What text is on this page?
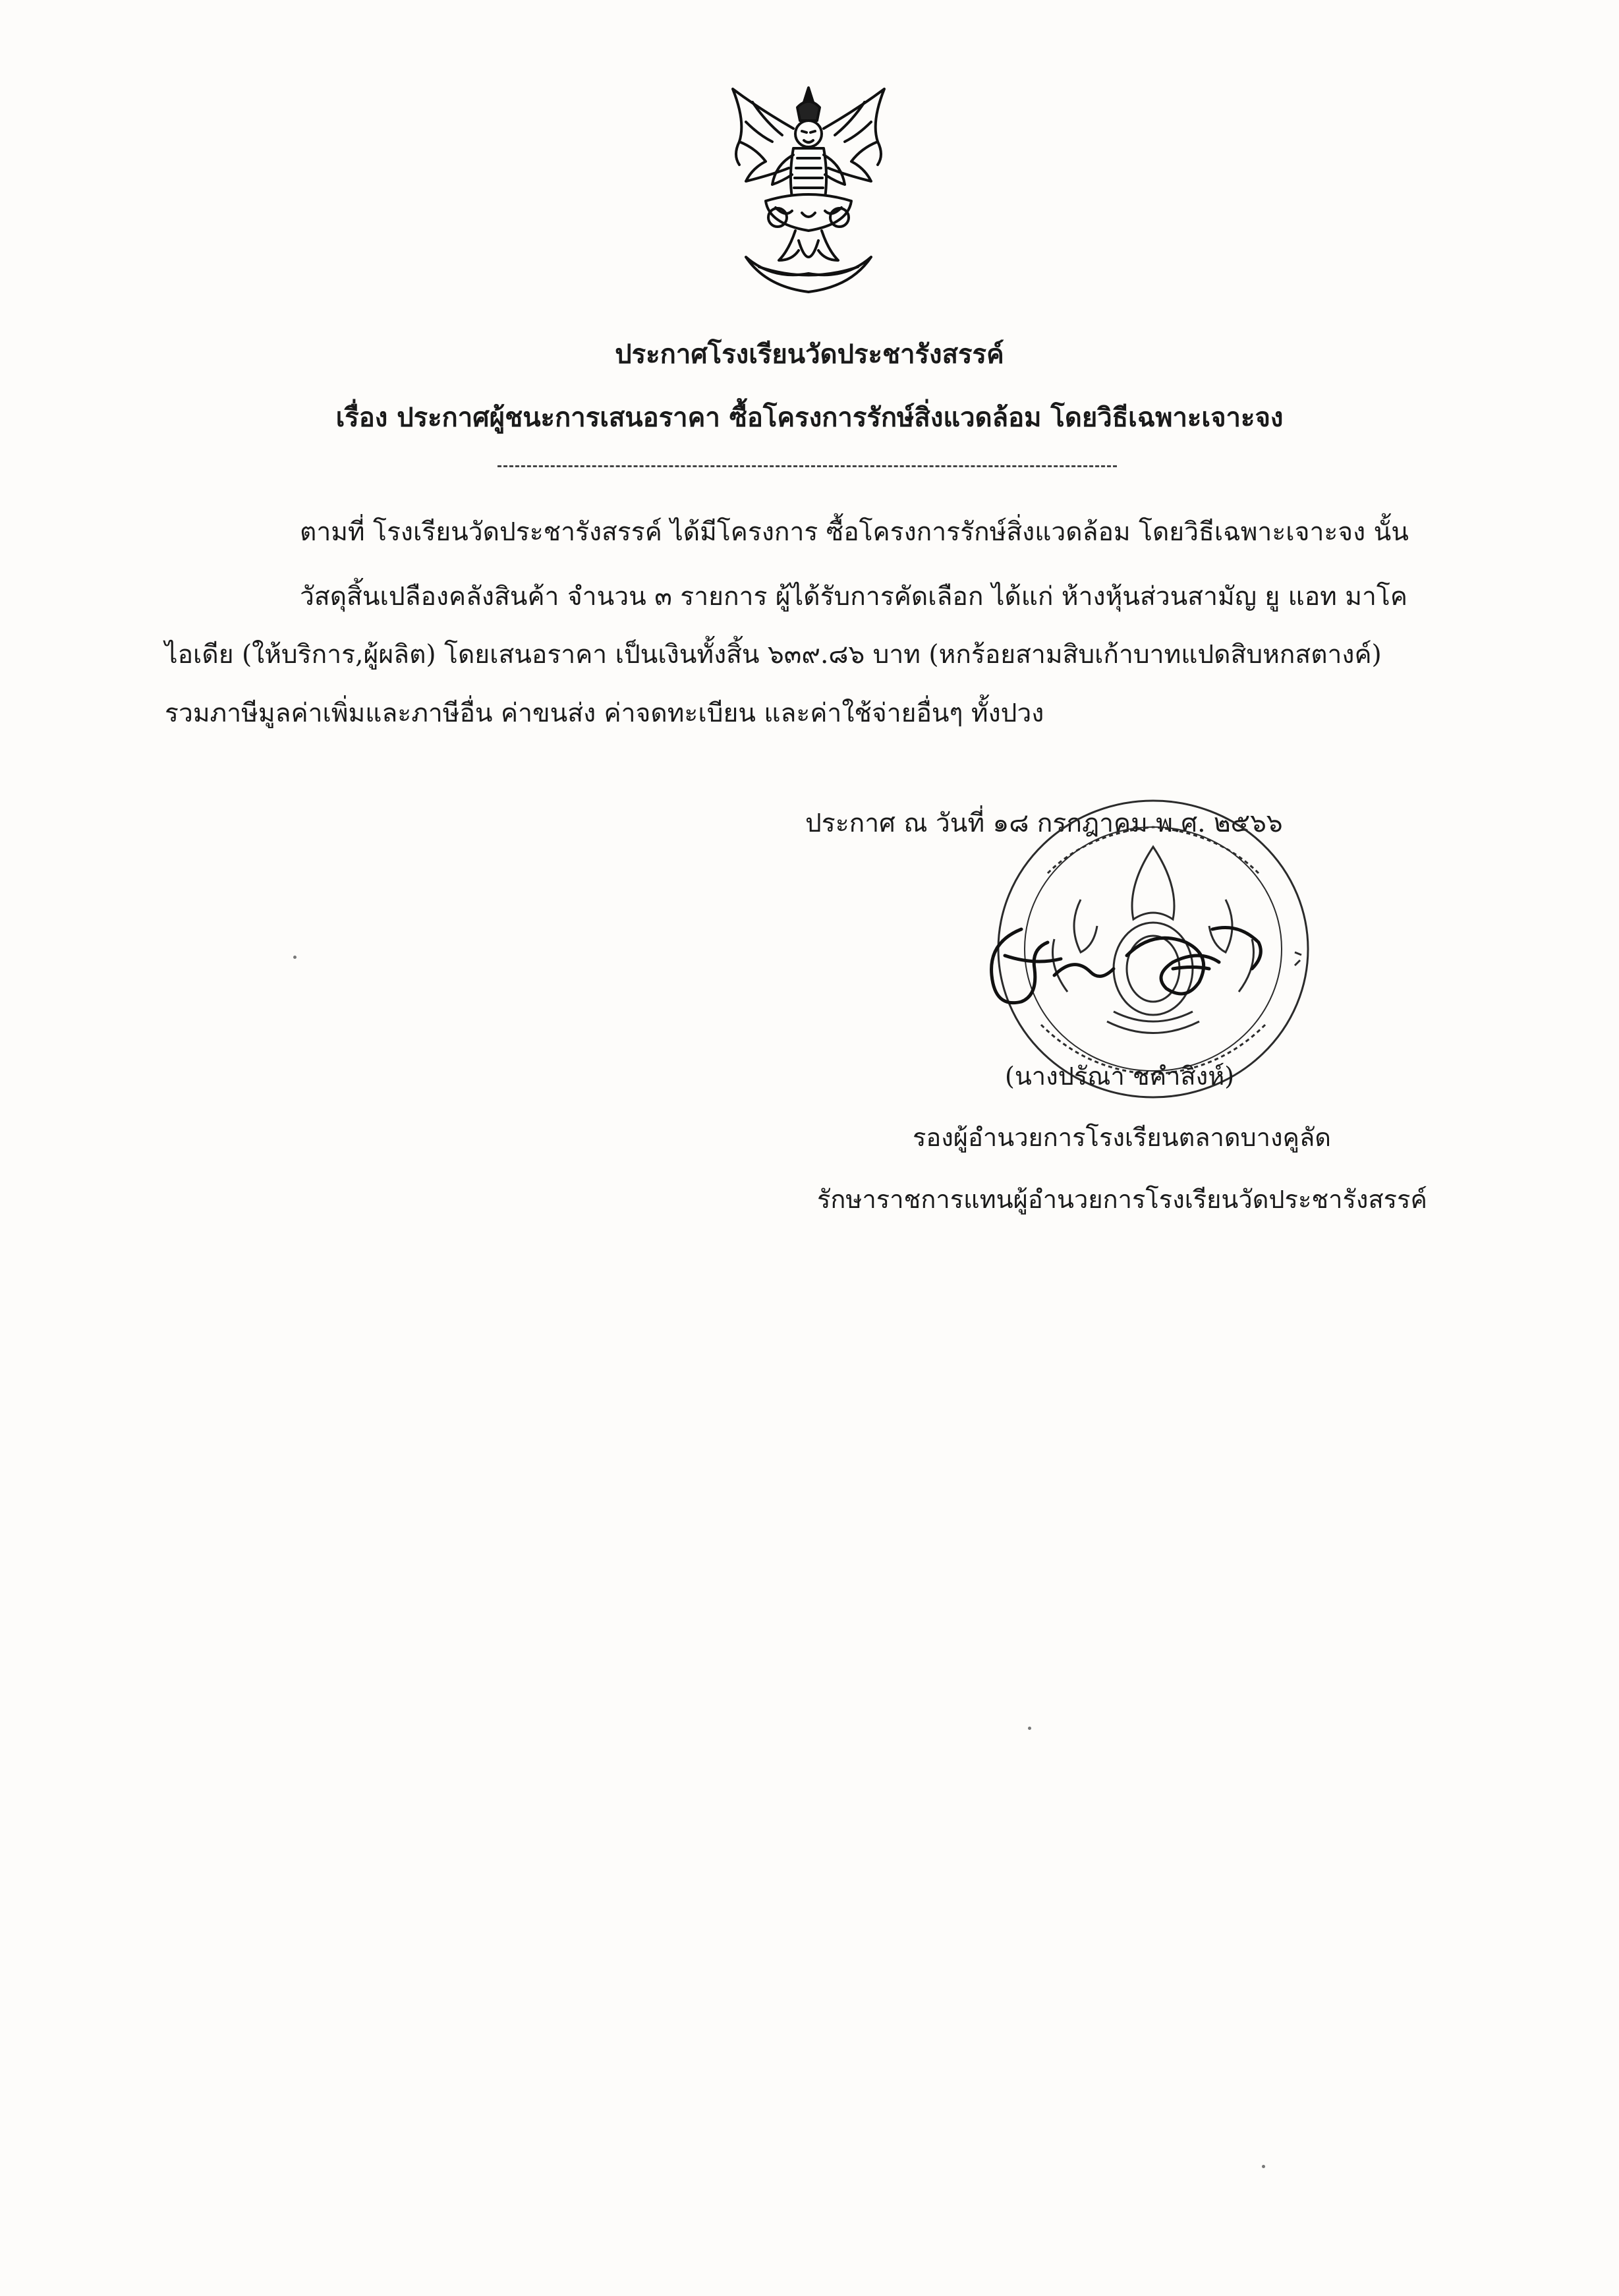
ประกาศโรงเรียนวัดประชารังสรรค์
เรื่อง ประกาศผู้ชนะการเสนอราคา ซื้อโครงการรักษ์สิ่งแวดล้อม โดยวิธีเฉพาะเจาะจง
ตามที่ โรงเรียนวัดประชารังสรรค์ ได้มีโครงการ ซื้อโครงการรักษ์สิ่งแวดล้อม โดยวิธีเฉพาะเจาะจง นั้น
วัสดุสิ้นเปลืองคลังสินค้า จำนวน ๓ รายการ ผู้ได้รับการคัดเลือก ได้แก่ ห้างหุ้นส่วนสามัญ ยู แอท มาโค
ไอเดีย (ให้บริการ,ผู้ผลิต) โดยเสนอราคา เป็นเงินทั้งสิ้น ๖๓๙.๘๖ บาท (หกร้อยสามสิบเก้าบาทแปดสิบหกสตางค์)
รวมภาษีมูลค่าเพิ่มและภาษีอื่น ค่าขนส่ง ค่าจดทะเบียน และค่าใช้จ่ายอื่นๆ ทั้งปวง
ประกาศ ณ วันที่ ๑๘ กรกฎาคม พ.ศ. ๒๕๖๖
(นางปรัณา ชคำสิงห์)
รองผู้อำนวยการโรงเรียนตลาดบางคูลัด
รักษาราชการแทนผู้อำนวยการโรงเรียนวัดประชารังสรรค์
